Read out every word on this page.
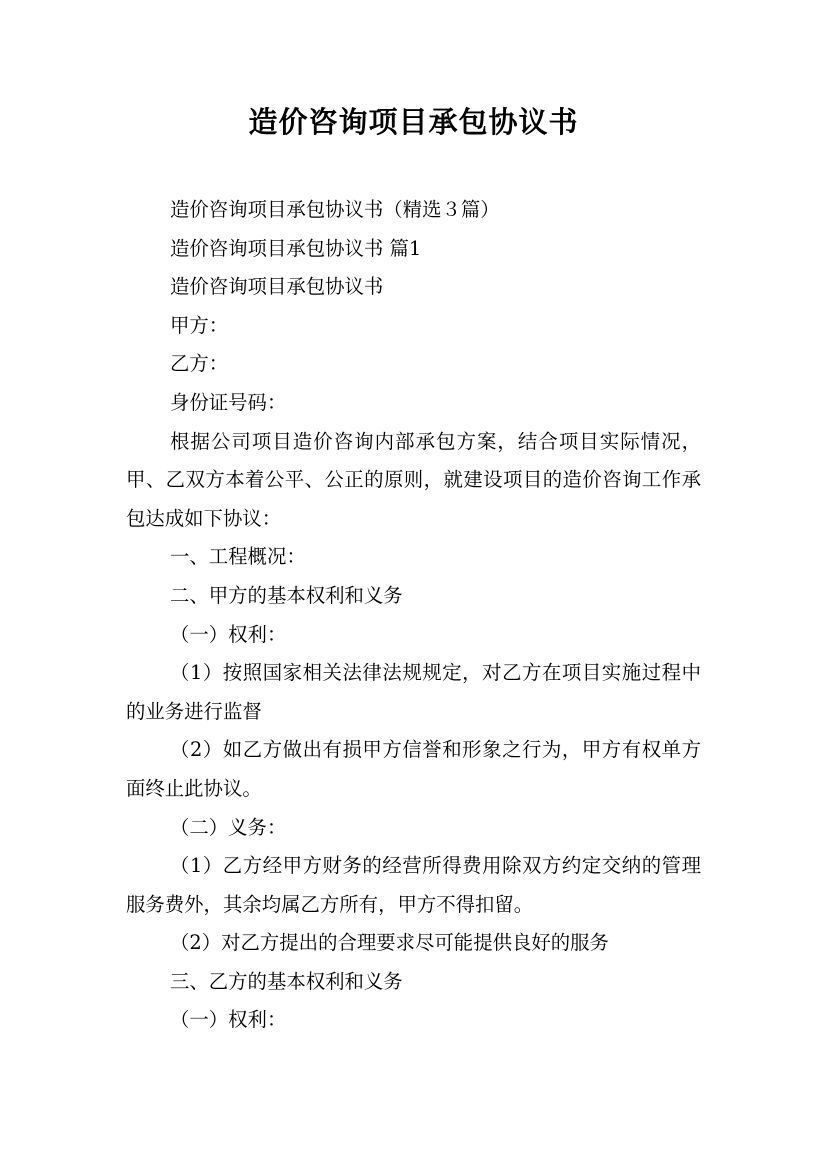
造价咨询项目承包协议书

造价咨询项目承包协议书（精选３篇）

造价咨询项目承包协议书 篇1

造价咨询项目承包协议书

甲方：

乙方：

身份证号码：

根据公司项目造价咨询内部承包方案，结合项目实际情况，甲、乙双方本着公平、公正的原则，就建设项目的造价咨询工作承包达成如下协议：

一、工程概况：

二、甲方的基本权利和义务

（一）权利：

（1）按照国家相关法律法规规定，对乙方在项目实施过程中的业务进行监督

（2）如乙方做出有损甲方信誉和形象之行为，甲方有权单方面终止此协议。

（二）义务：

（1）乙方经甲方财务的经营所得费用除双方约定交纳的管理服务费外，其余均属乙方所有，甲方不得扣留。

（2）对乙方提出的合理要求尽可能提供良好的服务

三、乙方的基本权利和义务

（一）权利：
